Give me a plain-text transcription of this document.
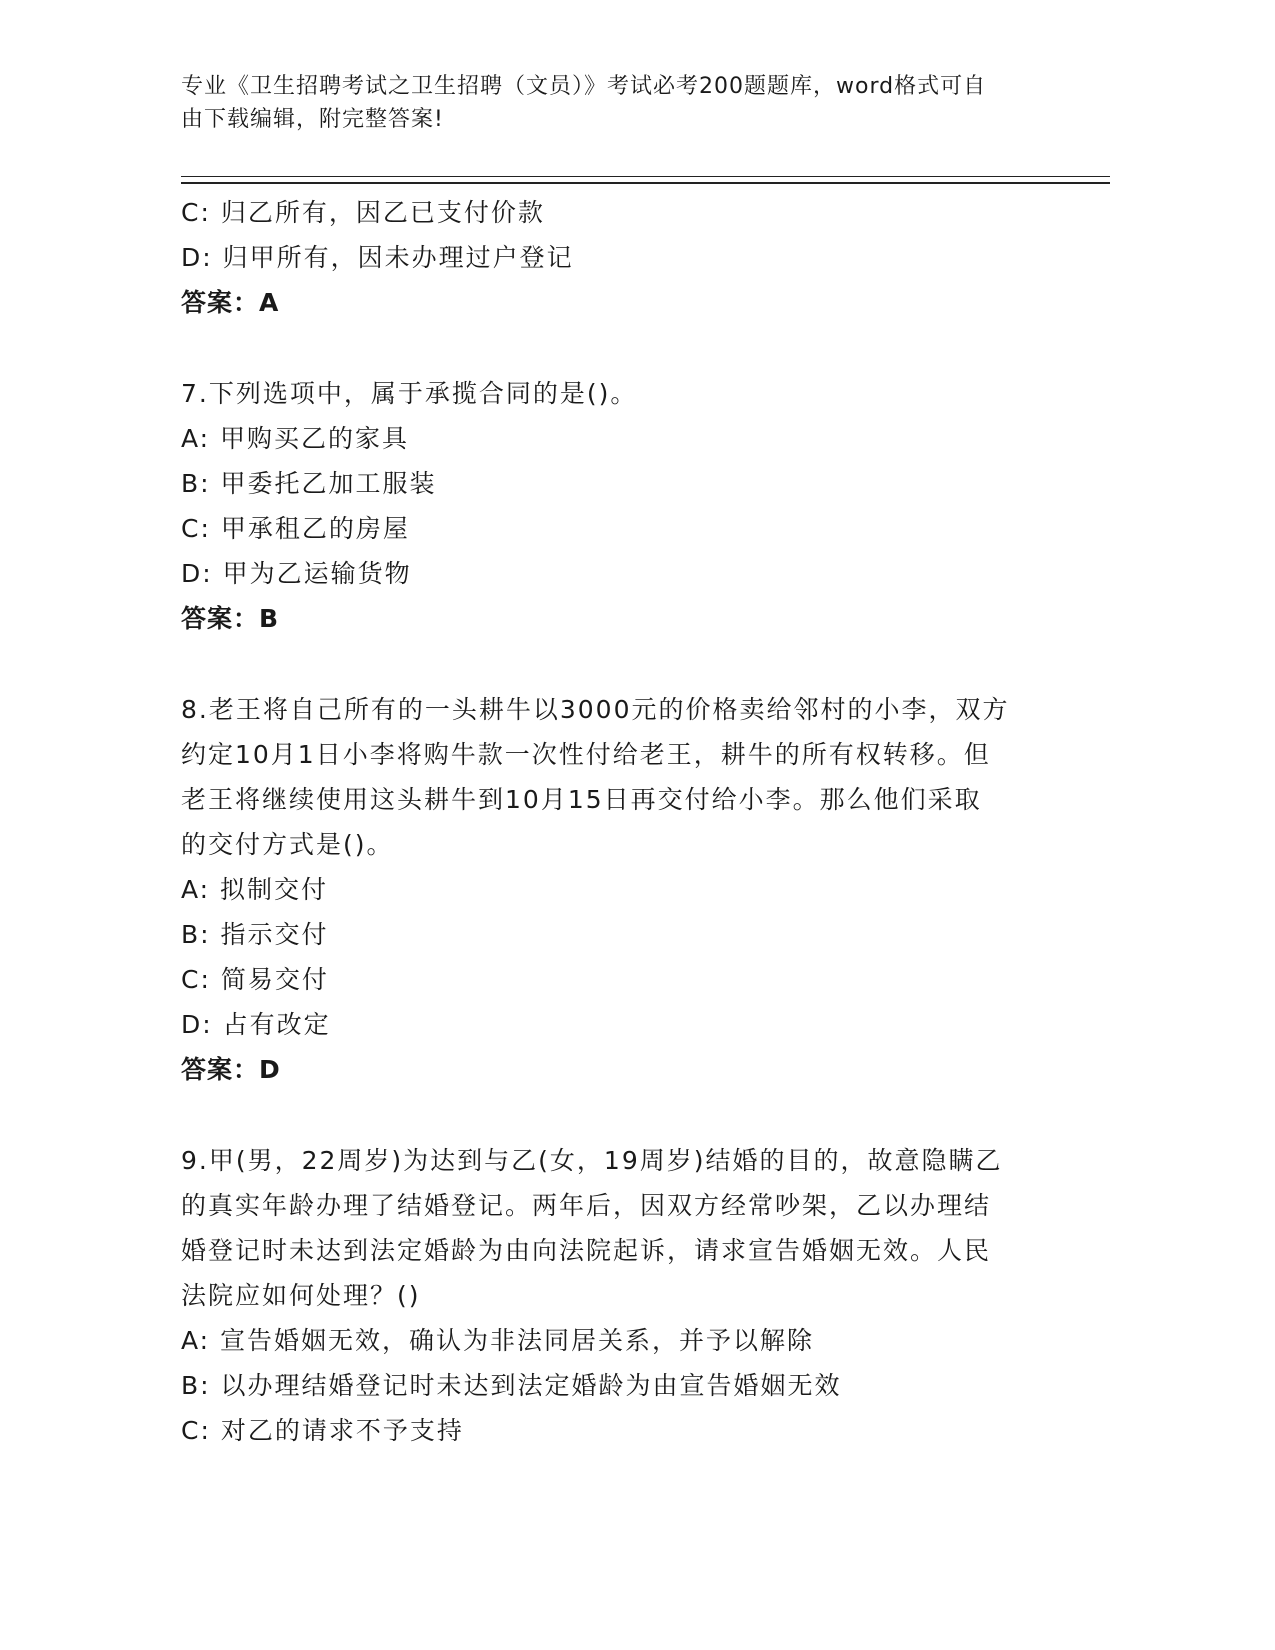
专业《卫生招聘考试之卫生招聘（文员）》考试必考200题题库，word格式可自
由下载编辑，附完整答案!

C: 归乙所有，因乙已支付价款

D: 归甲所有，因未办理过户登记

答案：A

7.下列选项中，属于承揽合同的是()。

A: 甲购买乙的家具

B: 甲委托乙加工服装

C: 甲承租乙的房屋

D: 甲为乙运输货物

答案：B

8.老王将自己所有的一头耕牛以3000元的价格卖给邻村的小李，双方

约定10月1日小李将购牛款一次性付给老王，耕牛的所有权转移。但

老王将继续使用这头耕牛到10月15日再交付给小李。那么他们采取

的交付方式是()。

A: 拟制交付

B: 指示交付

C: 简易交付

D: 占有改定

答案：D

9.甲(男，22周岁)为达到与乙(女，19周岁)结婚的目的，故意隐瞒乙

的真实年龄办理了结婚登记。两年后，因双方经常吵架，乙以办理结

婚登记时未达到法定婚龄为由向法院起诉，请求宣告婚姻无效。人民

法院应如何处理？()

A: 宣告婚姻无效，确认为非法同居关系，并予以解除

B: 以办理结婚登记时未达到法定婚龄为由宣告婚姻无效

C: 对乙的请求不予支持
